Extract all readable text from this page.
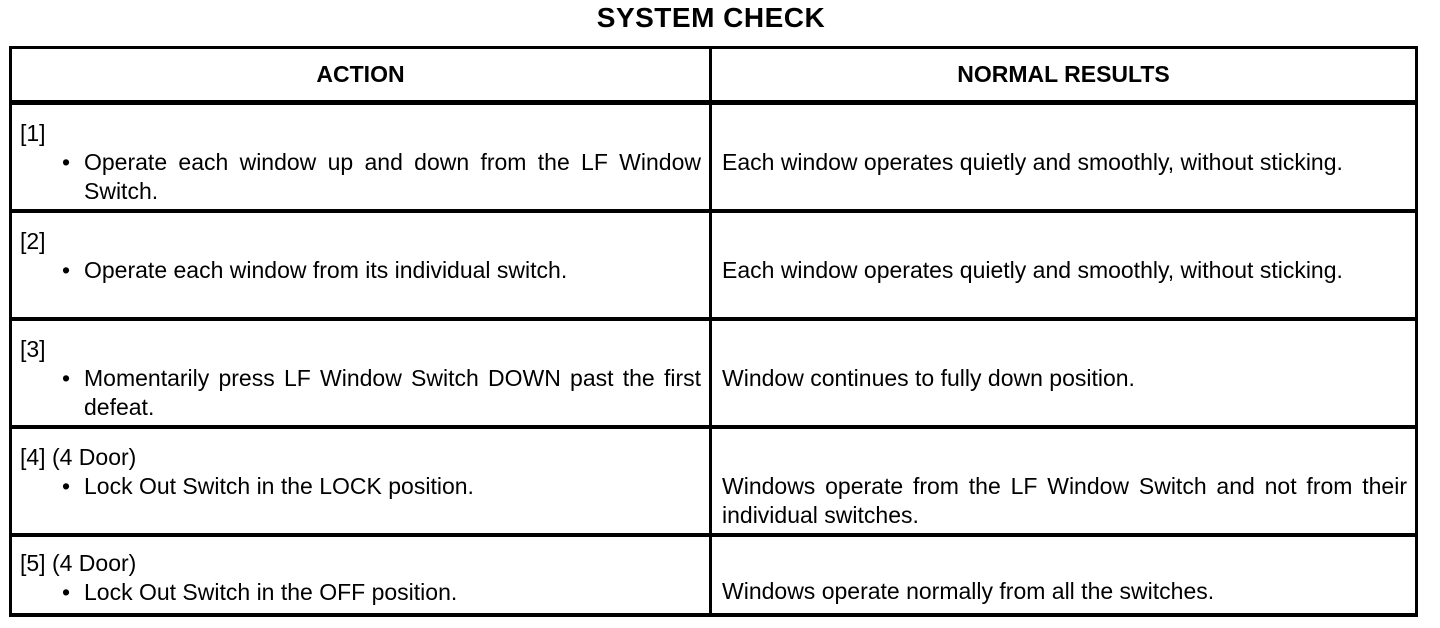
SYSTEM CHECK
ACTION	NORMAL RESULTS

[1]
• Operate each window up and down from the LF Window Switch.	Each window operates quietly and smoothly, without sticking.

[2]
• Operate each window from its individual switch.	Each window operates quietly and smoothly, without sticking.

[3]
• Momentarily press LF Window Switch DOWN past the first defeat.	Window continues to fully down position.

[4] (4 Door)
• Lock Out Switch in the LOCK position.	Windows operate from the LF Window Switch and not from their individual switches.

[5] (4 Door)
• Lock Out Switch in the OFF position.	Windows operate normally from all the switches.
